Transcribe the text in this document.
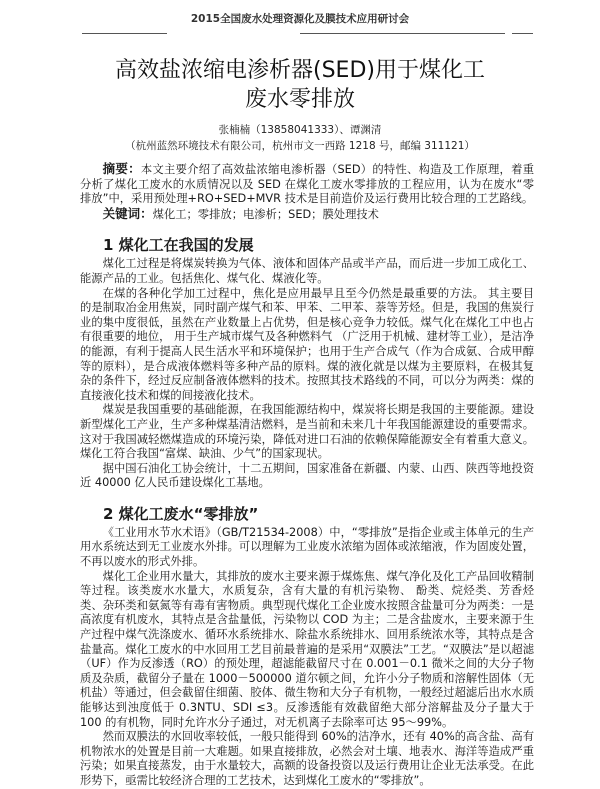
2015全国废水处理资源化及膜技术应用研讨会
高效盐浓缩电渗析器(SED)用于煤化工
废水零排放
张楠楠（13858041333）、谭渊清
（杭州蓝然环境技术有限公司，杭州市文一西路 1218 号，邮编 311121）

摘要：本文主要介绍了高效盐浓缩电渗析器（SED）的特性、构造及工作原理，着重分析了煤化工废水的水质情况以及 SED 在煤化工废水零排放的工程应用，认为在废水“零排放”中，采用预处理+RO+SED+MVR 技术是目前造价及运行费用比较合理的工艺路线。

关键词：煤化工；零排放；电渗析；SED；膜处理技术

1 煤化工在我国的发展

煤化工过程是将煤炭转换为气体、液体和固体产品或半产品，而后进一步加工成化工、能源产品的工业。包括焦化、煤气化、煤液化等。

在煤的各种化学加工过程中，焦化是应用最早且至今仍然是最重要的方法。 其主要目的是制取冶金用焦炭，同时副产煤气和苯、甲苯、二甲苯、萘等芳烃。但是，我国的焦炭行业的集中度很低，虽然在产业数量上占优势，但是核心竞争力较低。煤气化在煤化工中也占有很重要的地位， 用于生产城市煤气及各种燃料气 （广泛用于机械、建材等工业），是洁净的能源，有利于提高人民生活水平和环境保护；也用于生产合成气（作为合成氨、合成甲醇等的原料），是合成液体燃料等多种产品的原料。煤的液化就是以煤为主要原料，在极其复杂的条件下，经过反应制备液体燃料的技术。按照其技术路线的不同，可以分为两类：煤的直接液化技术和煤的间接液化技术。

煤炭是我国重要的基础能源，在我国能源结构中，煤炭将长期是我国的主要能源。建设新型煤化工产业，生产多种煤基清洁燃料，是当前和未来几十年我国能源建设的重要需求。这对于我国减轻燃煤造成的环境污染，降低对进口石油的依赖保障能源安全有着重大意义。煤化工符合我国“富煤、缺油、少气”的国家现状。

据中国石油化工协会统计，十二五期间，国家准备在新疆、内蒙、山西、陕西等地投资近 40000 亿人民币建设煤化工基地。

2 煤化工废水“零排放”

《工业用水节水术语》（GB/T21534-2008）中，“零排放”是指企业或主体单元的生产用水系统达到无工业废水外排。可以理解为工业废水浓缩为固体或浓缩液，作为固废处置，不再以废水的形式外排。

煤化工企业用水量大，其排放的废水主要来源于煤炼焦、煤气净化及化工产品回收精制等过程。该类废水水量大，水质复杂，含有大量的有机污染物、 酚类、烷烃类、芳香烃类、杂环类和氨氮等有毒有害物质。典型现代煤化工企业废水按照含盐量可分为两类：一是高浓度有机废水，其特点是含盐量低，污染物以 COD 为主；二是含盐废水，主要来源于生产过程中煤气洗涤废水、循环水系统排水、除盐水系统排水、回用系统浓水等，其特点是含盐量高。煤化工废水的中水回用工艺目前最普遍的是采用“双膜法”工艺。“双膜法”是以超滤（UF）作为反渗透（RO）的预处理，超滤能截留尺寸在 0.001－0.1 微米之间的大分子物质及杂质，截留分子量在 1000－500000 道尔顿之间，允许小分子物质和溶解性固体（无机盐）等通过，但会截留住细菌、胶体、微生物和大分子有机物，一般经过超滤后出水水质能够达到浊度低于 0.3NTU、SDI ≤3。反渗透能有效截留绝大部分溶解盐及分子量大于 100 的有机物，同时允许水分子通过，对无机离子去除率可达 95～99%。

然而双膜法的水回收率较低，一般只能得到 60%的洁净水，还有 40%的高含盐、高有机物浓水的处置是目前一大难题。如果直接排放，必然会对土壤、地表水、海洋等造成严重污染；如果直接蒸发，由于水量较大，高额的设备投资以及运行费用让企业无法承受。在此形势下，亟需比较经济合理的工艺技术，达到煤化工废水的“零排放”。
